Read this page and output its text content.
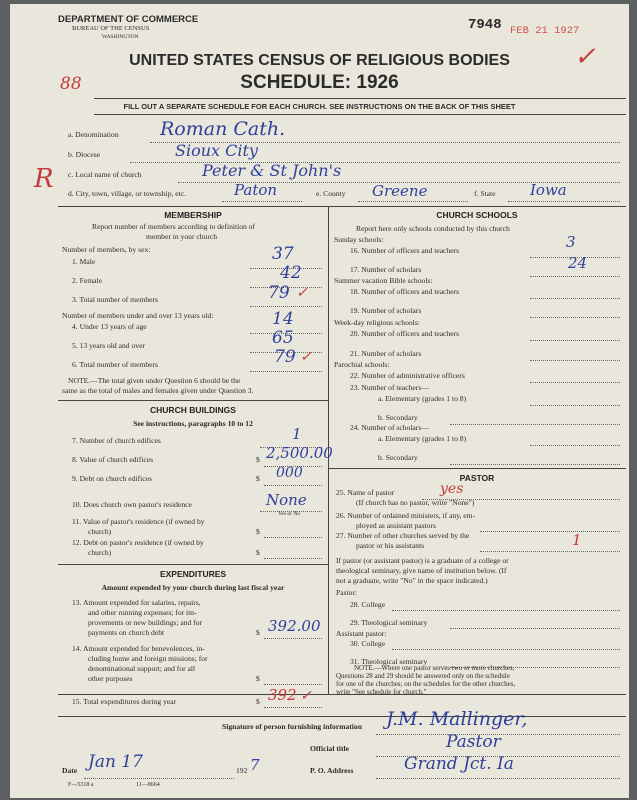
DEPARTMENT OF COMMERCE
BUREAU OF THE CENSUS
WASHINGTON
7948 FEB 21 1927
✓
88
UNITED STATES CENSUS OF RELIGIOUS BODIES
SCHEDULE: 1926
FILL OUT A SEPARATE SCHEDULE FOR EACH CHURCH. SEE INSTRUCTIONS ON THE BACK OF THIS SHEET
a. Denomination Roman Cath.
b. Diocese	Sioux City
c. Local name of church	Peter & St John's
R d. City, town, village, or township, etc.	Paton	e. County Greene	f. State Iowa
MEMBERSHIP
Report number of members according to definition of
member in your church
Number of members, by sex:
1. Male	37
2. Female	42
3. Total number of members	79 ✓
Number of members under and over 13 years old:
4. Under 13 years of age	14
5. 13 years old and over	65
6. Total number of members	79 ✓
NOTE.—The total given under Question 6 should be the
same as the total of males and females given under Question 3.
CHURCH BUILDINGS
See instructions, paragraphs 10 to 12
7. Number of church edifices	1
8. Value of church edifices	$ 2,500.00
9. Debt on church edifices	$ 000
10. Does church own pastor's residence	None
Yes or No
11. Value of pastor's residence (if owned by
church)	$
12. Debt on pastor's residence (if owned by
church)	$
EXPENDITURES
Amount expended by your church during last fiscal year
13. Amount expended for salaries, repairs,
and other running expenses; for im-
provements or new buildings; and for
payments on church debt	$ 392.00
14. Amount expended for benevolences, in-
cluding home and foreign missions; for
denominational support; and for all
other purposes	$
15. Total expenditures during year	$ 392 ✓
CHURCH SCHOOLS
Report here only schools conducted by this church
Sunday schools:
16. Number of officers and teachers	3
17. Number of scholars	24
Summer vacation Bible schools:
18. Number of officers and teachers
19. Number of scholars
Week-day religious schools:
20. Number of officers and teachers
21. Number of scholars
Parochial schools:
22. Number of administrative officers
23. Number of teachers—
a. Elementary (grades 1 to 8)
b. Secondary
24. Number of scholars—
a. Elementary (grades 1 to 8)
b. Secondary
PASTOR
25. Name of pastor	yes
(If church has no pastor, write "None")
26. Number of ordained ministers, if any, em-
ployed as assistant pastors
27. Number of other churches served by the
pastor or his assistants	1
If pastor (or assistant pastor) is a graduate of a college or
theological seminary, give name of institution below. (If
not a graduate, write "No" in the space indicated.)
Pastor:
28. College
29. Theological seminary
Assistant pastor:
30. College
31. Theological seminary
NOTE.—Where one pastor serves two or more churches,
Questions 28 and 29 should be answered only on the schedule
for one of the churches; on the schedules for the other churches,
write "See schedule for church."
Signature of person furnishing information J.M. Mallinger,
Official title	Pastor
Date Jan 17	192 7	P. O. Address	Grand Jct. Ia
F—5318 a	11—8664
